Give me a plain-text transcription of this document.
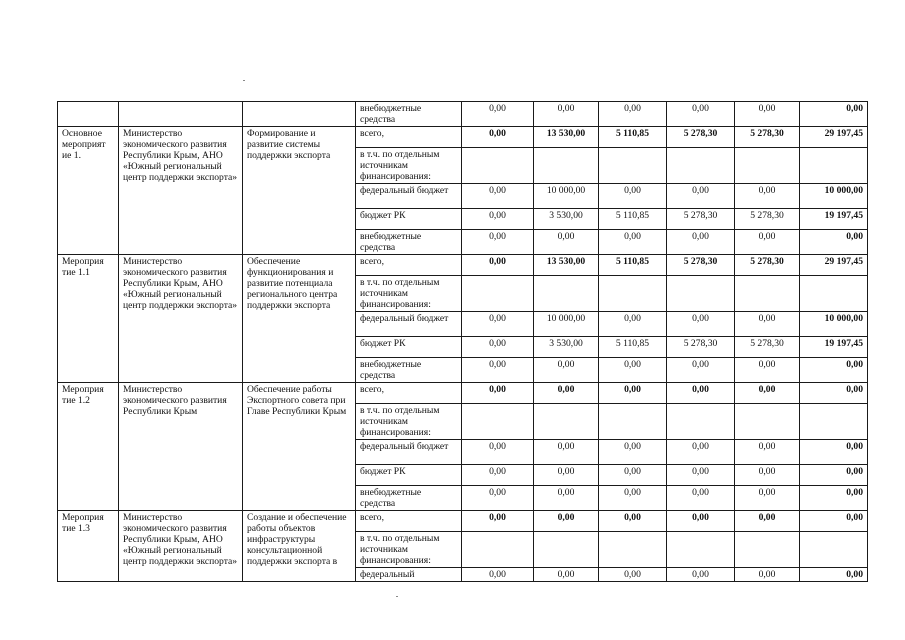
			внебюджетные средства	0,00	0,00	0,00	0,00	0,00	0,00
Основное мероприят ие 1.	Министерство экономического развития Республики Крым, АНО «Южный региональный центр поддержки экспорта»	Формирование и развитие системы поддержки экспорта	всего,	0,00	13 530,00	5 110,85	5 278,30	5 278,30	29 197,45
			в т.ч. по отдельным источникам финансирования:						
			федеральный бюджет	0,00	10 000,00	0,00	0,00	0,00	10 000,00
			бюджет РК	0,00	3 530,00	5 110,85	5 278,30	5 278,30	19 197,45
			внебюджетные средства	0,00	0,00	0,00	0,00	0,00	0,00
Мероприя тие 1.1	Министерство экономического развития Республики Крым, АНО «Южный региональный центр поддержки экспорта»	Обеспечение функционирования и развитие потенциала регионального центра поддержки экспорта	всего,	0,00	13 530,00	5 110,85	5 278,30	5 278,30	29 197,45
			в т.ч. по отдельным источникам финансирования:						
			федеральный бюджет	0,00	10 000,00	0,00	0,00	0,00	10 000,00
			бюджет РК	0,00	3 530,00	5 110,85	5 278,30	5 278,30	19 197,45
			внебюджетные средства	0,00	0,00	0,00	0,00	0,00	0,00
Мероприя тие 1.2	Министерство экономического развития Республики Крым	Обеспечение работы Экспортного совета при Главе Республики Крым	всего,	0,00	0,00	0,00	0,00	0,00	0,00
			в т.ч. по отдельным источникам финансирования:						
			федеральный бюджет	0,00	0,00	0,00	0,00	0,00	0,00
			бюджет РК	0,00	0,00	0,00	0,00	0,00	0,00
			внебюджетные средства	0,00	0,00	0,00	0,00	0,00	0,00
Мероприя тие 1.3	Министерство экономического развития Республики Крым, АНО «Южный региональный центр поддержки экспорта»	Создание и обеспечение работы объектов инфраструктуры консультационной поддержки экспорта в	всего,	0,00	0,00	0,00	0,00	0,00	0,00
			в т.ч. по отдельным источникам финансирования:						
			федеральный	0,00	0,00	0,00	0,00	0,00	0,00
